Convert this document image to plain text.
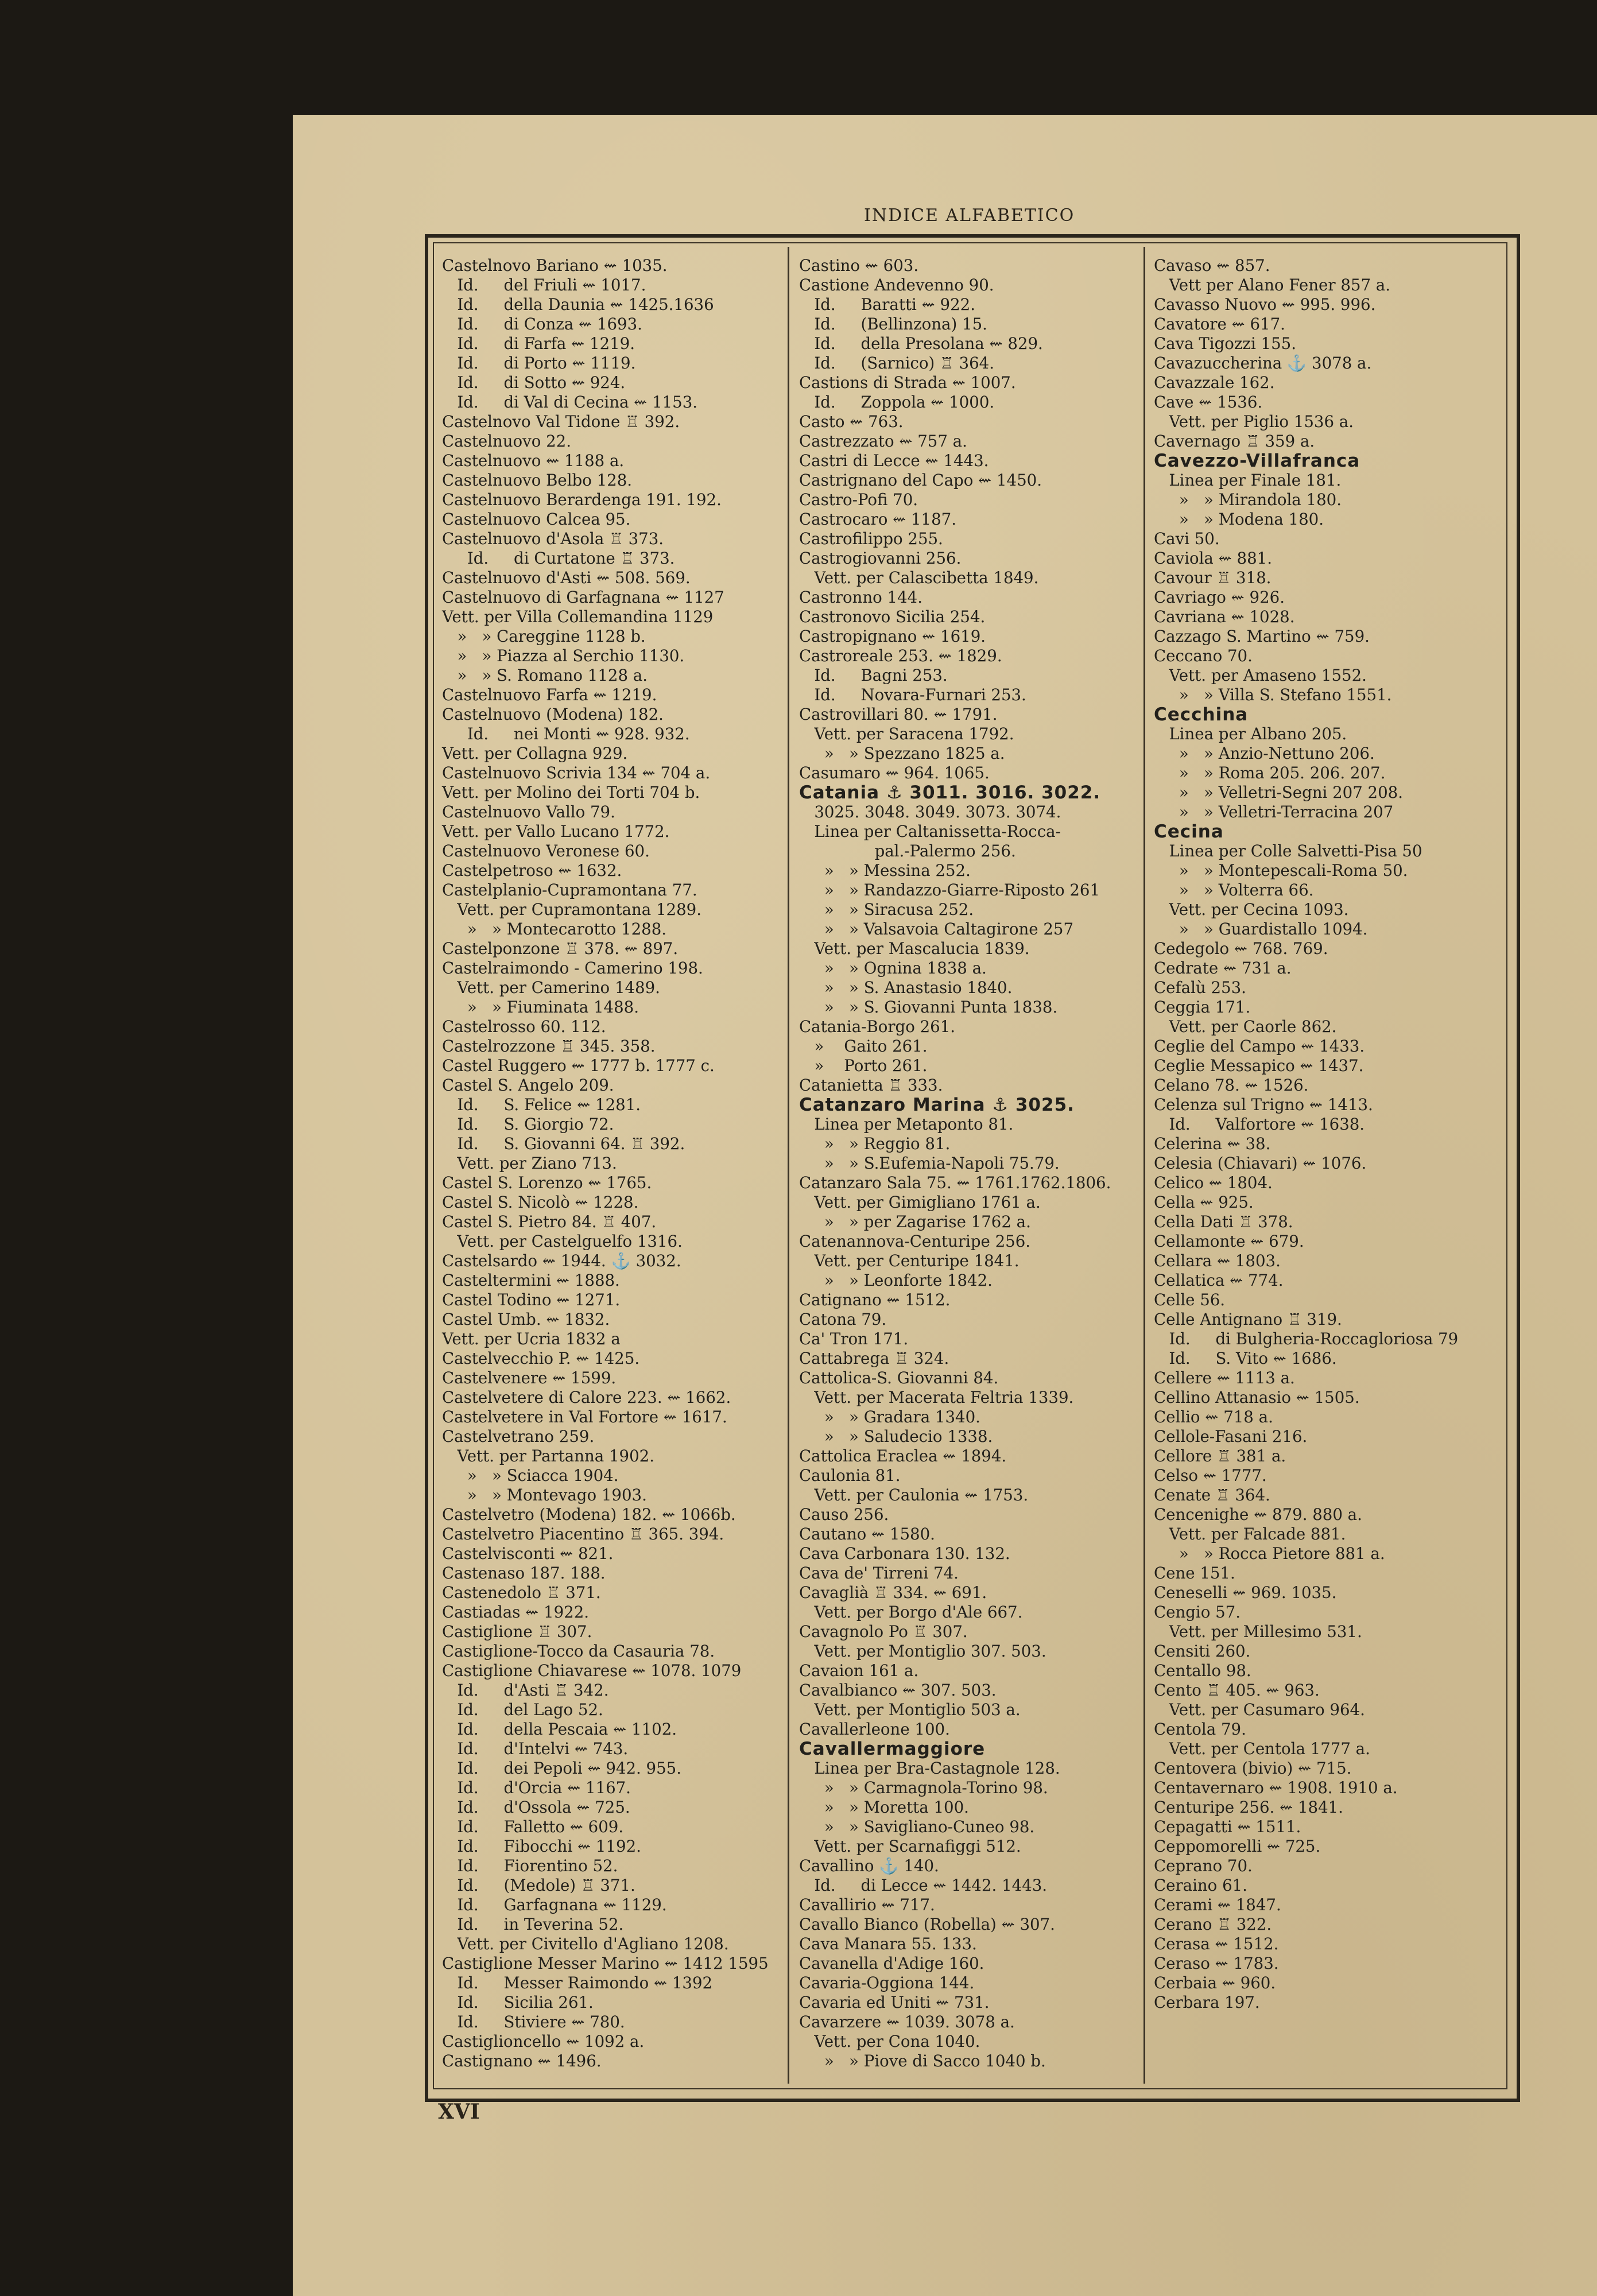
INDICE ALFABETICO
Castelnovo Bariano ⇜ 1035.
Id.     del Friuli ⇜ 1017.
Id.     della Daunia ⇜ 1425.1636
Id.     di Conza ⇜ 1693.
Id.     di Farfa ⇜ 1219.
Id.     di Porto ⇜ 1119.
Id.     di Sotto ⇜ 924.
Id.     di Val di Cecina ⇜ 1153.
Castelnovo Val Tidone ♖ 392.
Castelnuovo 22.
Castelnuovo ⇜ 1188 a.
Castelnuovo Belbo 128.
Castelnuovo Berardenga 191. 192.
Castelnuovo Calcea 95.
Castelnuovo d'Asola ♖ 373.
Id.     di Curtatone ♖ 373.
Castelnuovo d'Asti ⇜ 508. 569.
Castelnuovo di Garfagnana ⇜ 1127
Vett. per Villa Collemandina 1129
»   » Careggine 1128 b.
»   » Piazza al Serchio 1130.
»   » S. Romano 1128 a.
Castelnuovo Farfa ⇜ 1219.
Castelnuovo (Modena) 182.
Id.     nei Monti ⇜ 928. 932.
Vett. per Collagna 929.
Castelnuovo Scrivia 134 ⇜ 704 a.
Vett. per Molino dei Torti 704 b.
Castelnuovo Vallo 79.
Vett. per Vallo Lucano 1772.
Castelnuovo Veronese 60.
Castelpetroso ⇜ 1632.
Castelplanio-Cupramontana 77.
Vett. per Cupramontana 1289.
»   » Montecarotto 1288.
Castelponzone ♖ 378. ⇜ 897.
Castelraimondo - Camerino 198.
Vett. per Camerino 1489.
»   » Fiuminata 1488.
Castelrosso 60. 112.
Castelrozzone ♖ 345. 358.
Castel Ruggero ⇜ 1777 b. 1777 c.
Castel S. Angelo 209.
Id.     S. Felice ⇜ 1281.
Id.     S. Giorgio 72.
Id.     S. Giovanni 64. ♖ 392.
Vett. per Ziano 713.
Castel S. Lorenzo ⇜ 1765.
Castel S. Nicolò ⇜ 1228.
Castel S. Pietro 84. ♖ 407.
Vett. per Castelguelfo 1316.
Castelsardo ⇜ 1944. ⚓ 3032.
Casteltermini ⇜ 1888.
Castel Todino ⇜ 1271.
Castel Umb. ⇜ 1832.
Vett. per Ucria 1832 a
Castelvecchio P. ⇜ 1425.
Castelvenere ⇜ 1599.
Castelvetere di Calore 223. ⇜ 1662.
Castelvetere in Val Fortore ⇜ 1617.
Castelvetrano 259.
Vett. per Partanna 1902.
»   » Sciacca 1904.
»   » Montevago 1903.
Castelvetro (Modena) 182. ⇜ 1066b.
Castelvetro Piacentino ♖ 365. 394.
Castelvisconti ⇜ 821.
Castenaso 187. 188.
Castenedolo ♖ 371.
Castiadas ⇜ 1922.
Castiglione ♖ 307.
Castiglione-Tocco da Casauria 78.
Castiglione Chiavarese ⇜ 1078. 1079
Id.     d'Asti ♖ 342.
Id.     del Lago 52.
Id.     della Pescaia ⇜ 1102.
Id.     d'Intelvi ⇜ 743.
Id.     dei Pepoli ⇜ 942. 955.
Id.     d'Orcia ⇜ 1167.
Id.     d'Ossola ⇜ 725.
Id.     Falletto ⇜ 609.
Id.     Fibocchi ⇜ 1192.
Id.     Fiorentino 52.
Id.     (Medole) ♖ 371.
Id.     Garfagnana ⇜ 1129.
Id.     in Teverina 52.
Vett. per Civitello d'Agliano 1208.
Castiglione Messer Marino ⇜ 1412 1595
Id.     Messer Raimondo ⇜ 1392
Id.     Sicilia 261.
Id.     Stiviere ⇜ 780.
Castiglioncello ⇜ 1092 a.
Castignano ⇜ 1496.
Castino ⇜ 603.
Castione Andevenno 90.
Id.     Baratti ⇜ 922.
Id.     (Bellinzona) 15.
Id.     della Presolana ⇜ 829.
Id.     (Sarnico) ♖ 364.
Castions di Strada ⇜ 1007.
Id.     Zoppola ⇜ 1000.
Casto ⇜ 763.
Castrezzato ⇜ 757 a.
Castri di Lecce ⇜ 1443.
Castrignano del Capo ⇜ 1450.
Castro-Pofi 70.
Castrocaro ⇜ 1187.
Castrofilippo 255.
Castrogiovanni 256.
Vett. per Calascibetta 1849.
Castronno 144.
Castronovo Sicilia 254.
Castropignano ⇜ 1619.
Castroreale 253. ⇜ 1829.
Id.     Bagni 253.
Id.     Novara-Furnari 253.
Castrovillari 80. ⇜ 1791.
Vett. per Saracena 1792.
»   » Spezzano 1825 a.
Casumaro ⇜ 964. 1065.
Catania ⚓ 3011. 3016. 3022.
3025. 3048. 3049. 3073. 3074.
Linea per Caltanissetta-Rocca-
pal.-Palermo 256.
»   » Messina 252.
»   » Randazzo-Giarre-Riposto 261
»   » Siracusa 252.
»   » Valsavoia Caltagirone 257
Vett. per Mascalucia 1839.
»   » Ognina 1838 a.
»   » S. Anastasio 1840.
»   » S. Giovanni Punta 1838.
Catania-Borgo 261.
»    Gaito 261.
»    Porto 261.
Catanietta ♖ 333.
Catanzaro Marina ⚓ 3025.
Linea per Metaponto 81.
»   » Reggio 81.
»   » S.Eufemia-Napoli 75.79.
Catanzaro Sala 75. ⇜ 1761.1762.1806.
Vett. per Gimigliano 1761 a.
»   » per Zagarise 1762 a.
Catenannova-Centuripe 256.
Vett. per Centuripe 1841.
»   » Leonforte 1842.
Catignano ⇜ 1512.
Catona 79.
Ca' Tron 171.
Cattabrega ♖ 324.
Cattolica-S. Giovanni 84.
Vett. per Macerata Feltria 1339.
»   » Gradara 1340.
»   » Saludecio 1338.
Cattolica Eraclea ⇜ 1894.
Caulonia 81.
Vett. per Caulonia ⇜ 1753.
Causo 256.
Cautano ⇜ 1580.
Cava Carbonara 130. 132.
Cava de' Tirreni 74.
Cavaglià ♖ 334. ⇜ 691.
Vett. per Borgo d'Ale 667.
Cavagnolo Po ♖ 307.
Vett. per Montiglio 307. 503.
Cavaion 161 a.
Cavalbianco ⇜ 307. 503.
Vett. per Montiglio 503 a.
Cavallerleone 100.
Cavallermaggiore
Linea per Bra-Castagnole 128.
»   » Carmagnola-Torino 98.
»   » Moretta 100.
»   » Savigliano-Cuneo 98.
Vett. per Scarnafiggi 512.
Cavallino ⚓ 140.
Id.     di Lecce ⇜ 1442. 1443.
Cavallirio ⇜ 717.
Cavallo Bianco (Robella) ⇜ 307.
Cava Manara 55. 133.
Cavanella d'Adige 160.
Cavaria-Oggiona 144.
Cavaria ed Uniti ⇜ 731.
Cavarzere ⇜ 1039. 3078 a.
Vett. per Cona 1040.
»   » Piove di Sacco 1040 b.
Cavaso ⇜ 857.
Vett per Alano Fener 857 a.
Cavasso Nuovo ⇜ 995. 996.
Cavatore ⇜ 617.
Cava Tigozzi 155.
Cavazuccherina ⚓ 3078 a.
Cavazzale 162.
Cave ⇜ 1536.
Vett. per Piglio 1536 a.
Cavernago ♖ 359 a.
Cavezzo-Villafranca
Linea per Finale 181.
»   » Mirandola 180.
»   » Modena 180.
Cavi 50.
Caviola ⇜ 881.
Cavour ♖ 318.
Cavriago ⇜ 926.
Cavriana ⇜ 1028.
Cazzago S. Martino ⇜ 759.
Ceccano 70.
Vett. per Amaseno 1552.
»   » Villa S. Stefano 1551.
Cecchina
Linea per Albano 205.
»   » Anzio-Nettuno 206.
»   » Roma 205. 206. 207.
»   » Velletri-Segni 207 208.
»   » Velletri-Terracina 207
Cecina
Linea per Colle Salvetti-Pisa 50
»   » Montepescali-Roma 50.
»   » Volterra 66.
Vett. per Cecina 1093.
»   » Guardistallo 1094.
Cedegolo ⇜ 768. 769.
Cedrate ⇜ 731 a.
Cefalù 253.
Ceggia 171.
Vett. per Caorle 862.
Ceglie del Campo ⇜ 1433.
Ceglie Messapico ⇜ 1437.
Celano 78. ⇜ 1526.
Celenza sul Trigno ⇜ 1413.
Id.     Valfortore ⇜ 1638.
Celerina ⇜ 38.
Celesia (Chiavari) ⇜ 1076.
Celico ⇜ 1804.
Cella ⇜ 925.
Cella Dati ♖ 378.
Cellamonte ⇜ 679.
Cellara ⇜ 1803.
Cellatica ⇜ 774.
Celle 56.
Celle Antignano ♖ 319.
Id.     di Bulgheria-Roccagloriosa 79
Id.     S. Vito ⇜ 1686.
Cellere ⇜ 1113 a.
Cellino Attanasio ⇜ 1505.
Cellio ⇜ 718 a.
Cellole-Fasani 216.
Cellore ♖ 381 a.
Celso ⇜ 1777.
Cenate ♖ 364.
Cencenighe ⇜ 879. 880 a.
Vett. per Falcade 881.
»   » Rocca Pietore 881 a.
Cene 151.
Ceneselli ⇜ 969. 1035.
Cengio 57.
Vett. per Millesimo 531.
Censiti 260.
Centallo 98.
Cento ♖ 405. ⇜ 963.
Vett. per Casumaro 964.
Centola 79.
Vett. per Centola 1777 a.
Centovera (bivio) ⇜ 715.
Centavernaro ⇜ 1908. 1910 a.
Centuripe 256. ⇜ 1841.
Cepagatti ⇜ 1511.
Ceppomorelli ⇜ 725.
Ceprano 70.
Ceraino 61.
Cerami ⇜ 1847.
Cerano ♖ 322.
Cerasa ⇜ 1512.
Ceraso ⇜ 1783.
Cerbaia ⇜ 960.
Cerbara 197.
XVI
